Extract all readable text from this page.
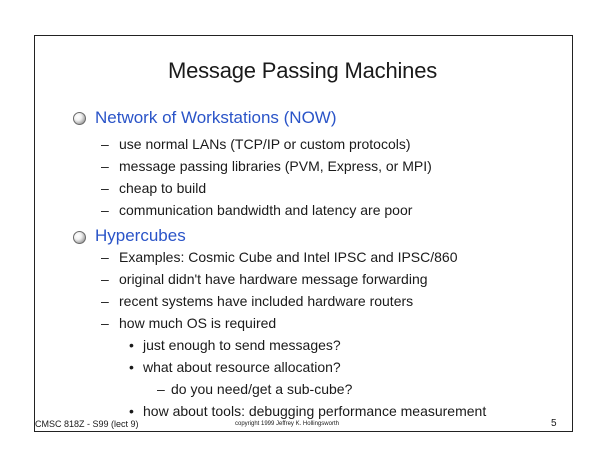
Message Passing Machines
Network of Workstations (NOW)
– use normal LANs (TCP/IP or custom protocols)
– message passing libraries (PVM, Express, or MPI)
– cheap to build
– communication bandwidth and latency are poor
Hypercubes
– Examples: Cosmic Cube and Intel IPSC and IPSC/860
– original didn't have hardware message forwarding
– recent systems have included hardware routers
– how much OS is required
• just enough to send messages?
• what about resource allocation?
– do you need/get a sub-cube?
• how about tools: debugging performance measurement
CMSC 818Z - S99 (lect 9)	copyright 1999 Jeffrey K. Hollingsworth	5
